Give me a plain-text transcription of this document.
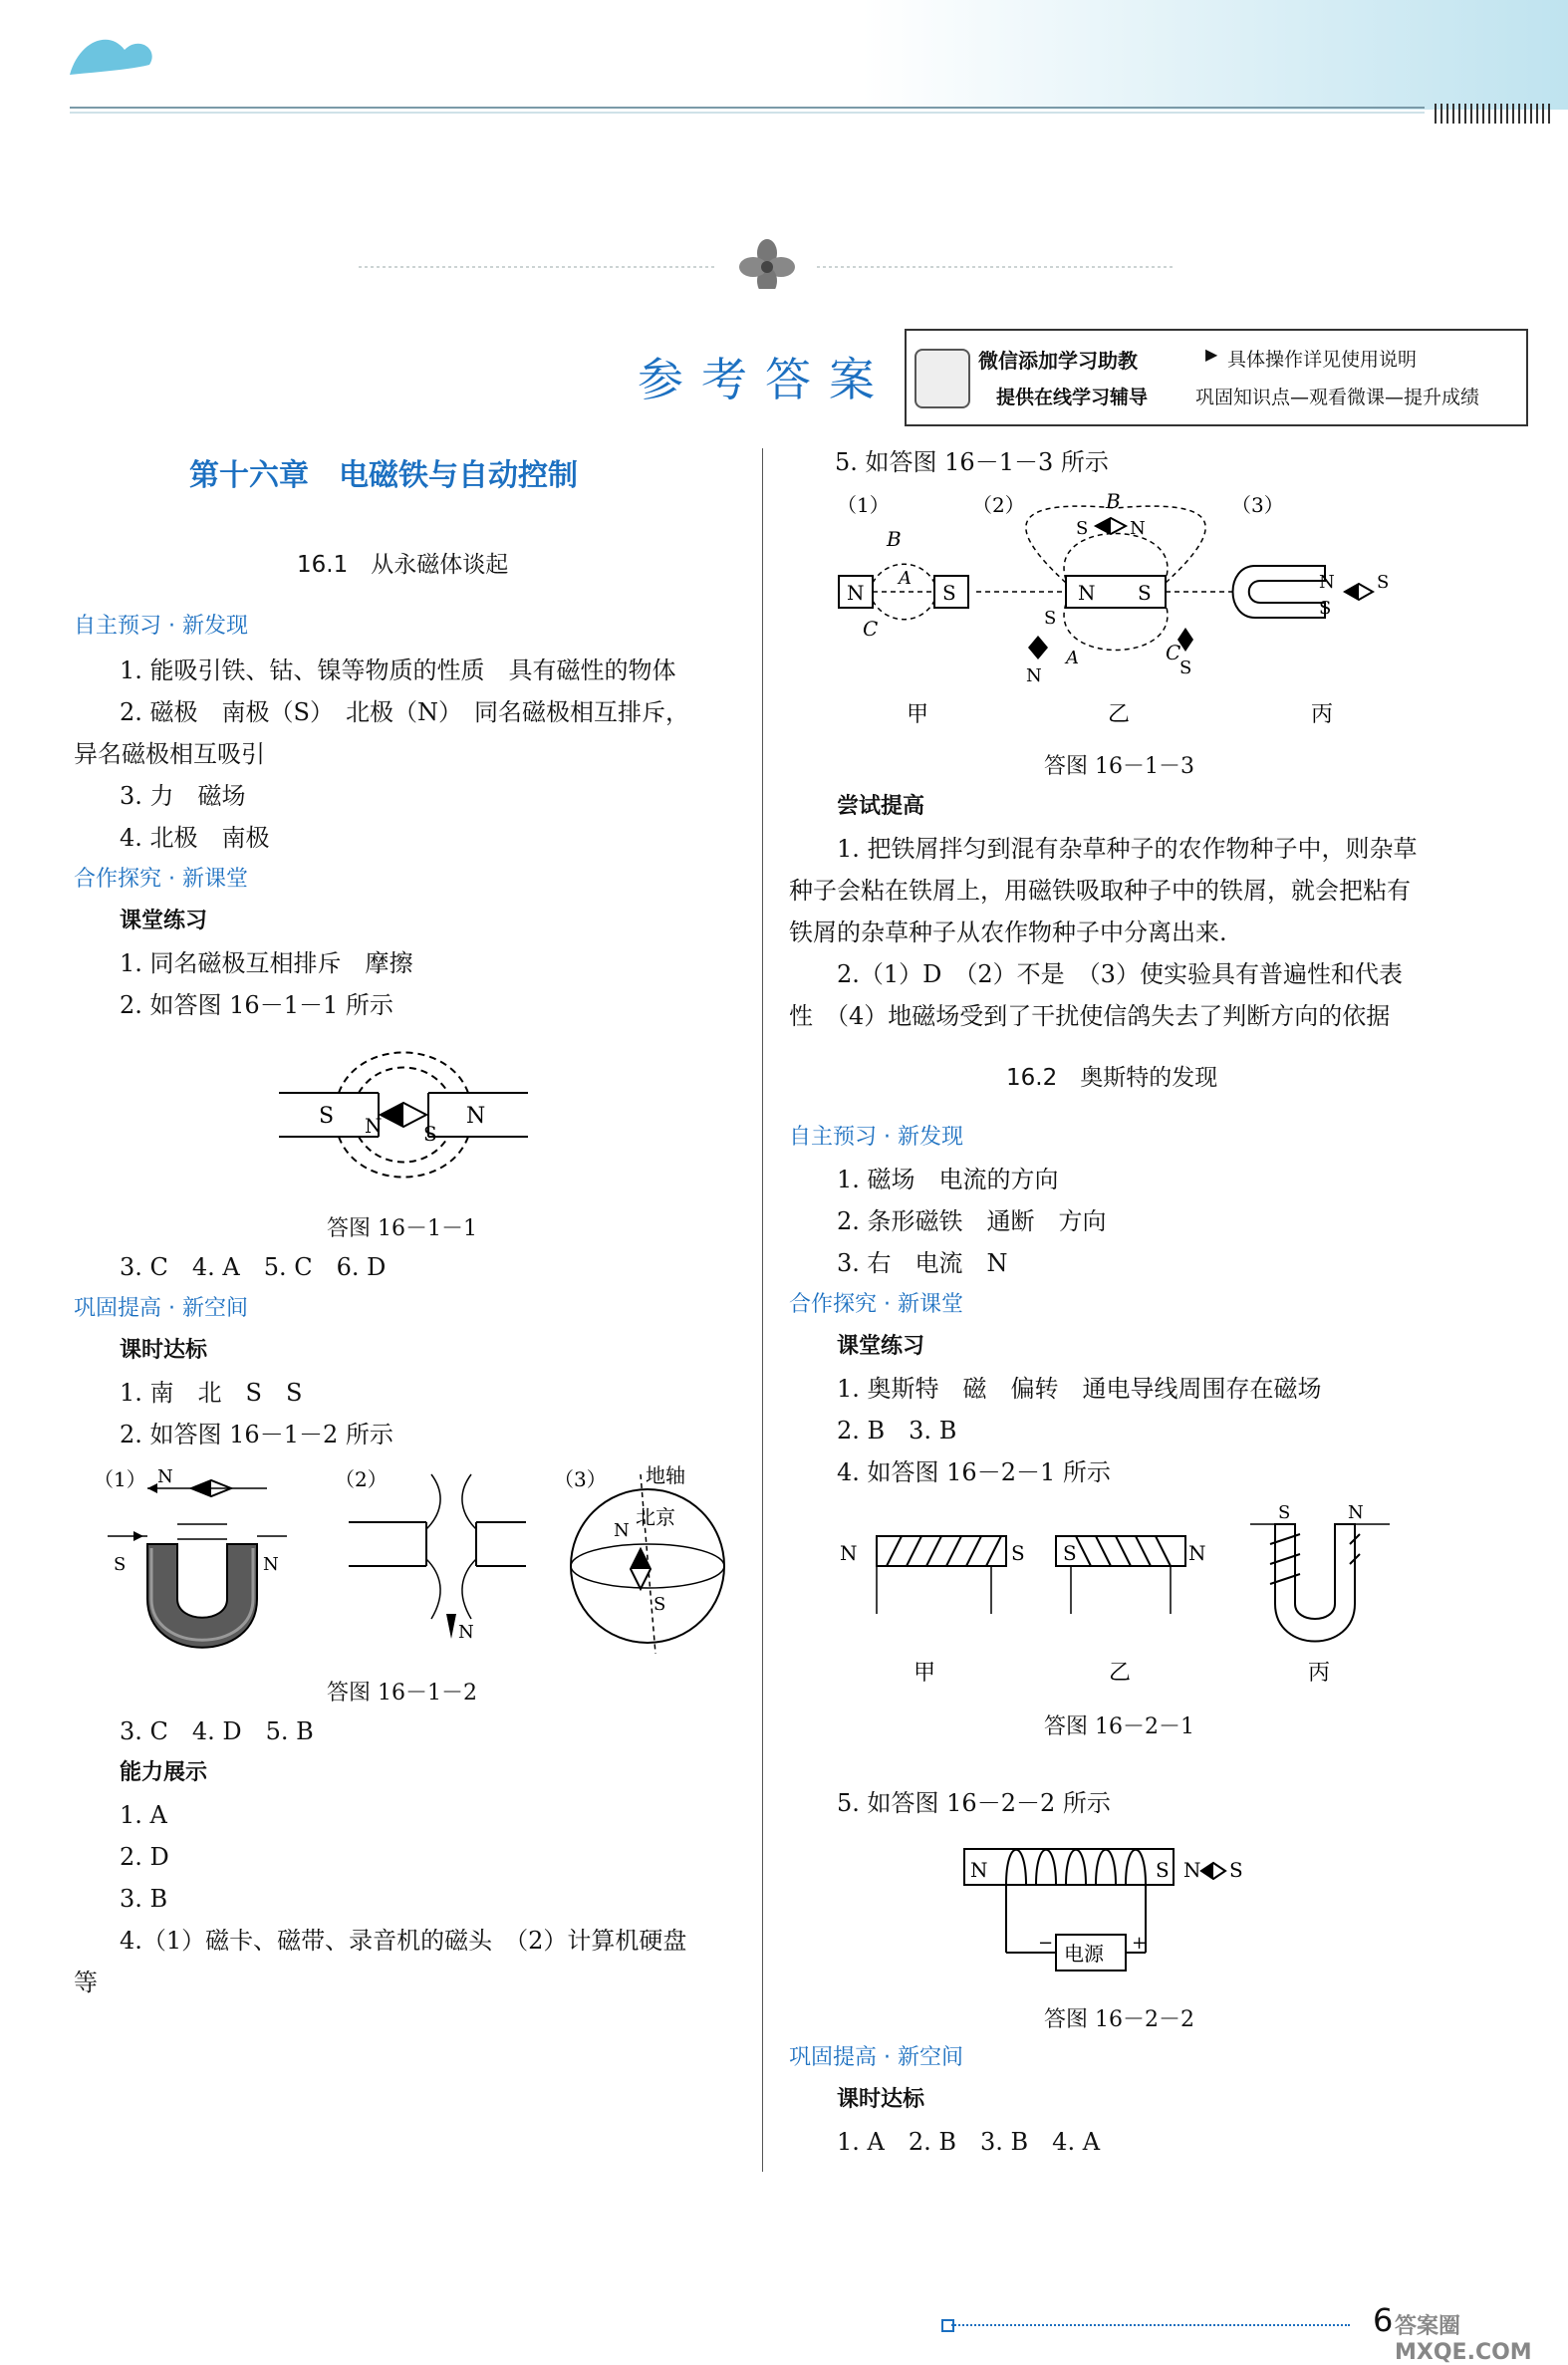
参考答案	微信添加学习助教	▶ 具体操作详见使用说明
提供在线学习辅导	巩固知识点—观看微课—提升成绩
第十六章　电磁铁与自动控制
16.1　从永磁体谈起
自主预习 · 新发现
1. 能吸引铁、钴、镍等物质的性质　具有磁性的物体
2. 磁极　南极（S）　北极（N）　同名磁极相互排斥，
异名磁极相互吸引
3. 力　磁场
4. 北极　南极
合作探究 · 新课堂
课堂练习
1. 同名磁极互相排斥　摩擦
2. 如答图 16－1－1 所示
S	N
N S
答图 16－1－1
3. C　4. A　5. C　6. D
巩固提高 · 新空间
课时达标
1. 南　北　S　S
2. 如答图 16－1－2 所示
（1） N
S	N
（2）
N
（3） 地轴
北京
N
S
答图 16－1－2
3. C　4. D　5. B
能力展示
1. A
2. D
3. B
4.（1）磁卡、磁带、录音机的磁头　（2）计算机硬盘
等
5. 如答图 16－1－3 所示
（1）	（2）	（3）
N	S
B
A
C
甲
N S
B
S N
S
A
N
C
S
乙
N
S
S
丙
答图 16－1－3
尝试提高
1. 把铁屑拌匀到混有杂草种子的农作物种子中，则杂草
种子会粘在铁屑上，用磁铁吸取种子中的铁屑，就会把粘有
铁屑的杂草种子从农作物种子中分离出来.
2.（1）D　（2）不是　（3）使实验具有普遍性和代表
性　（4）地磁场受到了干扰使信鸽失去了判断方向的依据
16.2　奥斯特的发现
自主预习 · 新发现
1. 磁场　电流的方向
2. 条形磁铁　通断　方向
3. 右　电流　N
合作探究 · 新课堂
课堂练习
1. 奥斯特　磁　偏转　通电导线周围存在磁场
2. B　3. B
4. 如答图 16－2－1 所示
N	S
甲
S	N
乙
S	N
丙
答图 16－2－1
5. 如答图 16－2－2 所示
N	S N S
电源
−	+
答图 16－2－2
巩固提高 · 新空间
课时达标
1. A　2. B　3. B　4. A
6 答案圈 MXQE.COM
